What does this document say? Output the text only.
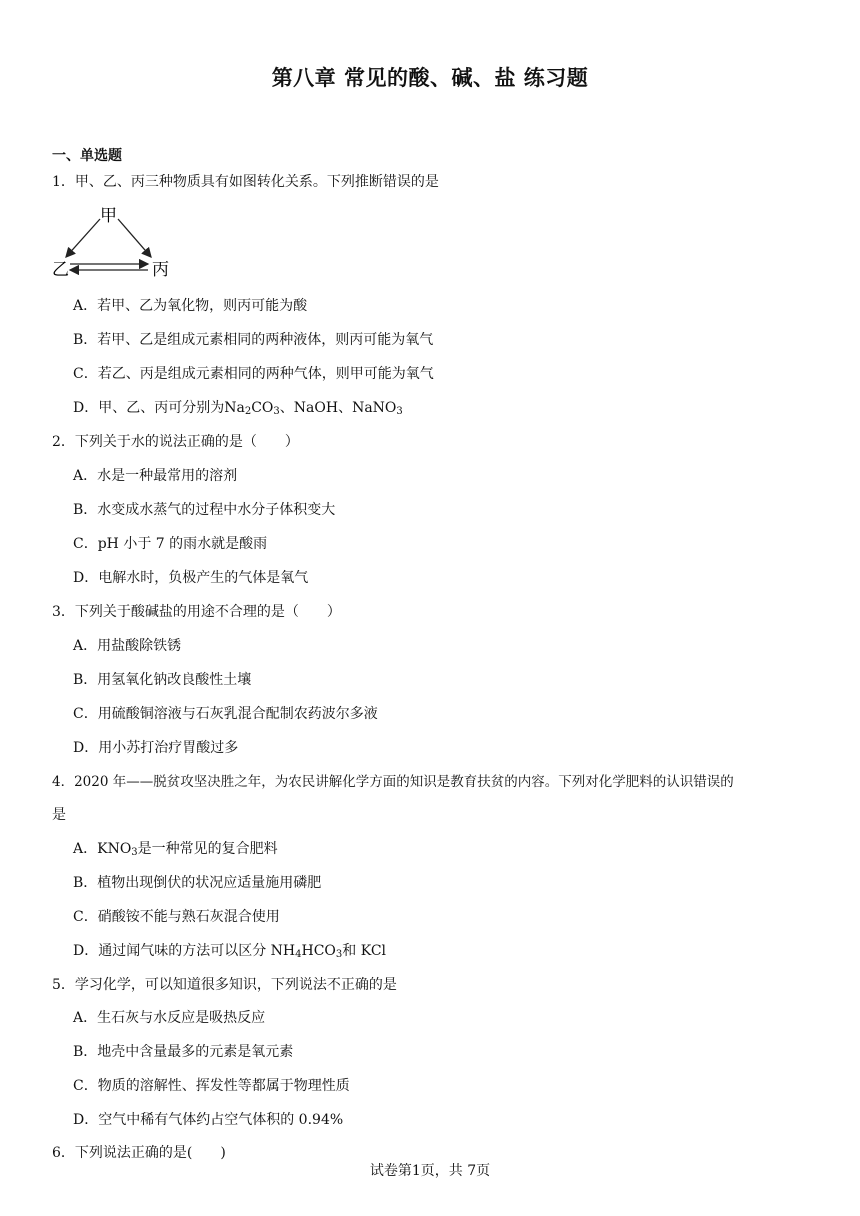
第八章 常见的酸、碱、盐 练习题
一、单选题
1．甲、乙、丙三种物质具有如图转化关系。下列推断错误的是
甲
乙	丙
A．若甲、乙为氧化物，则丙可能为酸
B．若甲、乙是组成元素相同的两种液体，则丙可能为氧气
C．若乙、丙是组成元素相同的两种气体，则甲可能为氧气
D．甲、乙、丙可分别为$Na_2CO_3$、NaOH、NaNO$_3$
2．下列关于水的说法正确的是（　　）
A．水是一种最常用的溶剂
B．水变成水蒸气的过程中水分子体积变大
C．pH 小于 7 的雨水就是酸雨
D．电解水时，负极产生的气体是氧气
3．下列关于酸碱盐的用途不合理的是（　　）
A．用盐酸除铁锈
B．用氢氧化钠改良酸性土壤
C．用硫酸铜溶液与石灰乳混合配制农药波尔多液
D．用小苏打治疗胃酸过多
4．2020 年——脱贫攻坚决胜之年，为农民讲解化学方面的知识是教育扶贫的内容。下列对化学肥料的认识错误的
是
A．$KNO_3$是一种常见的复合肥料
B．植物出现倒伏的状况应适量施用磷肥
C．硝酸铵不能与熟石灰混合使用
D．通过闻气味的方法可以区分 $NH_4HCO_3$和 KCl
5．学习化学，可以知道很多知识，下列说法不正确的是
A．生石灰与水反应是吸热反应
B．地壳中含量最多的元素是氧元素
C．物质的溶解性、挥发性等都属于物理性质
D．空气中稀有气体约占空气体积的 0.94%
6．下列说法正确的是(　　)
试卷第1页，共 7页
